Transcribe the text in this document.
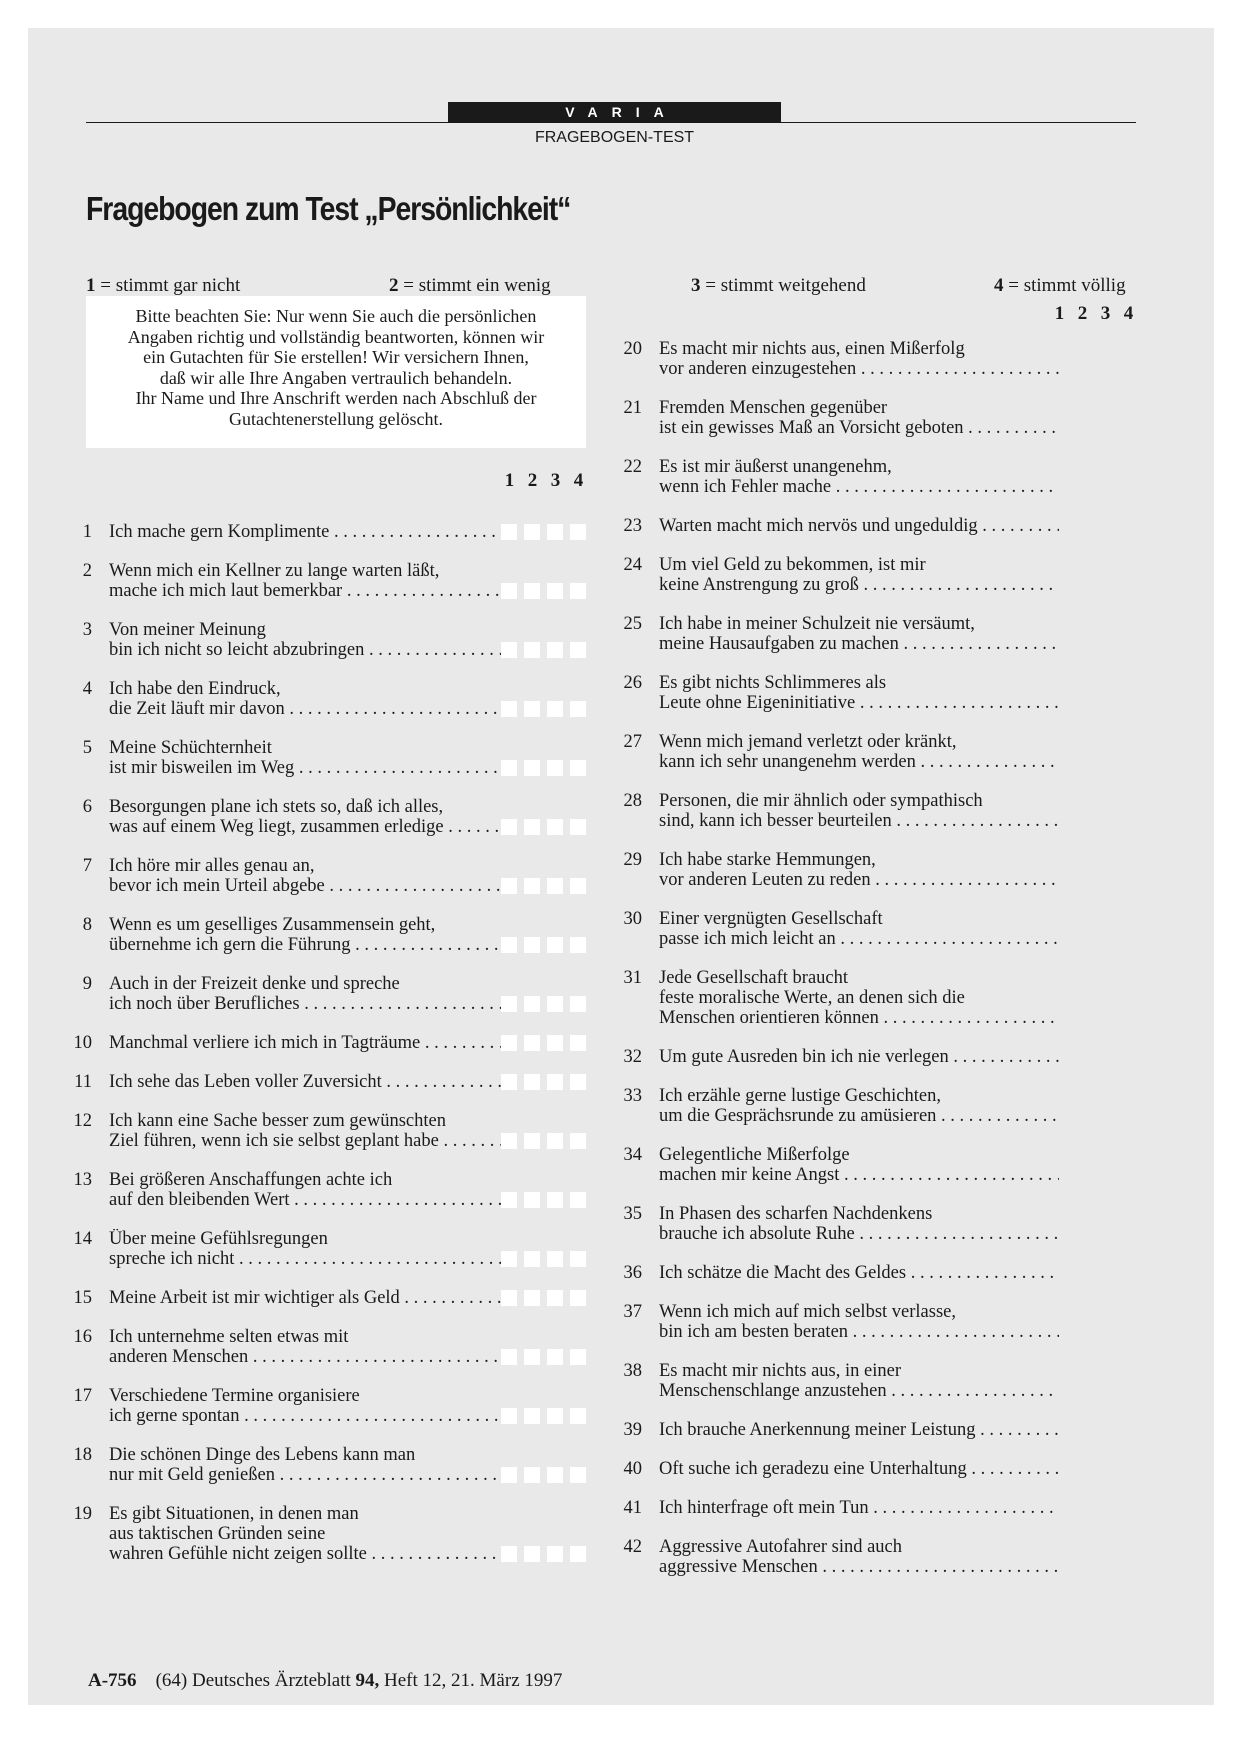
VARIA
FRAGEBOGEN-TEST
Fragebogen zum Test „Persönlichkeit“
1 = stimmt gar nicht	2 = stimmt ein wenig	3 = stimmt weitgehend	4 = stimmt völlig
Bitte beachten Sie: Nur wenn Sie auch die persönlichen
Angaben richtig und vollständig beantworten, können wir
ein Gutachten für Sie erstellen! Wir versichern Ihnen,
daß wir alle Ihre Angaben vertraulich behandeln.
Ihr Name und Ihre Anschrift werden nach Abschluß der
Gutachtenerstellung gelöscht.
1 2 3 4
1 2 3 4
1 Ich mache gern Komplimente . . .
2 Wenn mich ein Kellner zu lange warten läßt,
mache ich mich laut bemerkbar . . .
3 Von meiner Meinung
bin ich nicht so leicht abzubringen . . .
4 Ich habe den Eindruck,
die Zeit läuft mir davon . . .
5 Meine Schüchternheit
ist mir bisweilen im Weg . . .
6 Besorgungen plane ich stets so, daß ich alles,
was auf einem Weg liegt, zusammen erledige . . .
7 Ich höre mir alles genau an,
bevor ich mein Urteil abgebe . . .
8 Wenn es um geselliges Zusammensein geht,
übernehme ich gern die Führung . . .
9 Auch in der Freizeit denke und spreche
ich noch über Berufliches . . .
10 Manchmal verliere ich mich in Tagträume . . .
11 Ich sehe das Leben voller Zuversicht . . .
12 Ich kann eine Sache besser zum gewünschten
Ziel führen, wenn ich sie selbst geplant habe . . .
13 Bei größeren Anschaffungen achte ich
auf den bleibenden Wert . . .
14 Über meine Gefühlsregungen
spreche ich nicht . . .
15 Meine Arbeit ist mir wichtiger als Geld . . .
16 Ich unternehme selten etwas mit
anderen Menschen . . .
17 Verschiedene Termine organisiere
ich gerne spontan . . .
18 Die schönen Dinge des Lebens kann man
nur mit Geld genießen . . .
19 Es gibt Situationen, in denen man
aus taktischen Gründen seine
wahren Gefühle nicht zeigen sollte . . .
20 Es macht mir nichts aus, einen Mißerfolg
vor anderen einzugestehen . . .
21 Fremden Menschen gegenüber
ist ein gewisses Maß an Vorsicht geboten . . .
22 Es ist mir äußerst unangenehm,
wenn ich Fehler mache . . .
23 Warten macht mich nervös und ungeduldig . . .
24 Um viel Geld zu bekommen, ist mir
keine Anstrengung zu groß . . .
25 Ich habe in meiner Schulzeit nie versäumt,
meine Hausaufgaben zu machen . . .
26 Es gibt nichts Schlimmeres als
Leute ohne Eigeninitiative . . .
27 Wenn mich jemand verletzt oder kränkt,
kann ich sehr unangenehm werden . . .
28 Personen, die mir ähnlich oder sympathisch
sind, kann ich besser beurteilen . . .
29 Ich habe starke Hemmungen,
vor anderen Leuten zu reden . . .
30 Einer vergnügten Gesellschaft
passe ich mich leicht an . . .
31 Jede Gesellschaft braucht
feste moralische Werte, an denen sich die
Menschen orientieren können . . .
32 Um gute Ausreden bin ich nie verlegen . . .
33 Ich erzähle gerne lustige Geschichten,
um die Gesprächsrunde zu amüsieren . . .
34 Gelegentliche Mißerfolge
machen mir keine Angst . . .
35 In Phasen des scharfen Nachdenkens
brauche ich absolute Ruhe . . .
36 Ich schätze die Macht des Geldes . . .
37 Wenn ich mich auf mich selbst verlasse,
bin ich am besten beraten . . .
38 Es macht mir nichts aus, in einer
Menschenschlange anzustehen . . .
39 Ich brauche Anerkennung meiner Leistung . . .
40 Oft suche ich geradezu eine Unterhaltung . . .
41 Ich hinterfrage oft mein Tun . . .
42 Aggressive Autofahrer sind auch
aggressive Menschen . . .
A-756 (64) Deutsches Ärzteblatt 94, Heft 12, 21. März 1997
